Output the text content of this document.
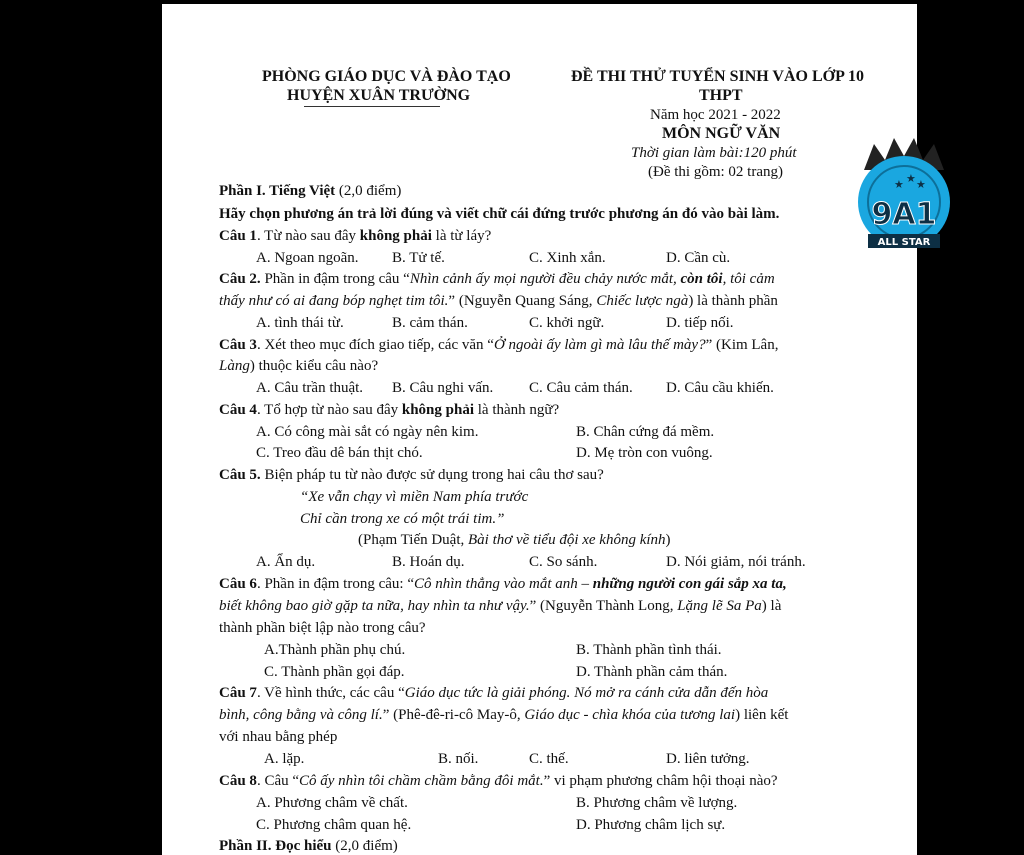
PHÒNG GIÁO DỤC VÀ ĐÀO TẠO
HUYỆN XUÂN TRƯỜNG
ĐỀ THI THỬ TUYỂN SINH VÀO LỚP 10
THPT
Năm học 2021 - 2022
MÔN NGỮ VĂN
Thời gian làm bài:120 phút
(Đề thi gồm: 02 trang)
★ ★ ★
9A1
ALL STAR
Phần I. Tiếng Việt (2,0 điểm)
Hãy chọn phương án trả lời đúng và viết chữ cái đứng trước phương án đó vào bài làm.
Câu 1. Từ nào sau đây không phải là từ láy?
A. Ngoan ngoãn. B. Tử tế.	C. Xinh xắn.	D. Cần cù.
Câu 2. Phần in đậm trong câu “Nhìn cảnh ấy mọi người đều chảy nước mắt, còn tôi, tôi cảm
thấy như có ai đang bóp nghẹt tim tôi.” (Nguyễn Quang Sáng, Chiếc lược ngà) là thành phần
A. tình thái từ.	B. cảm thán.	C. khởi ngữ.	D. tiếp nối.
Câu 3. Xét theo mục đích giao tiếp, các văn “Ở ngoài ấy làm gì mà lâu thế mày?” (Kim Lân,
Làng) thuộc kiểu câu nào?
A. Câu trần thuật. B. Câu nghi vấn. C. Câu cảm thán. D. Câu cầu khiến.
Câu 4. Tổ hợp từ nào sau đây không phải là thành ngữ?
A. Có công mài sắt có ngày nên kim.	B. Chân cứng đá mềm.
C. Treo đầu dê bán thịt chó.	D. Mẹ tròn con vuông.
Câu 5. Biện pháp tu từ nào được sử dụng trong hai câu thơ sau?
“Xe vẫn chạy vì miền Nam phía trước
Chỉ cần trong xe có một trái tim.”
(Phạm Tiến Duật, Bài thơ về tiểu đội xe không kính)
A. Ẩn dụ.	B. Hoán dụ.	C. So sánh.	D. Nói giảm, nói tránh.
Câu 6. Phần in đậm trong câu: “Cô nhìn thẳng vào mắt anh – những người con gái sắp xa ta,
biết không bao giờ gặp ta nữa, hay nhìn ta như vậy.” (Nguyễn Thành Long, Lặng lẽ Sa Pa) là
thành phần biệt lập nào trong câu?
A.Thành phần phụ chú.	B. Thành phần tình thái.
C. Thành phần gọi đáp.	D. Thành phần cảm thán.
Câu 7. Về hình thức, các câu “Giáo dục tức là giải phóng. Nó mở ra cánh cửa dẫn đến hòa
bình, công bằng và công lí.” (Phê-đê-ri-cô May-ô, Giáo dục - chìa khóa của tương lai) liên kết
với nhau bằng phép
A. lặp.	B. nối.	C. thế.	D. liên tưởng.
Câu 8. Câu “Cô ấy nhìn tôi chầm chầm bằng đôi mắt.” vi phạm phương châm hội thoại nào?
A. Phương châm về chất.	B. Phương châm về lượng.
C. Phương châm quan hệ.	D. Phương châm lịch sự.
Phần II. Đọc hiểu (2,0 điểm)
